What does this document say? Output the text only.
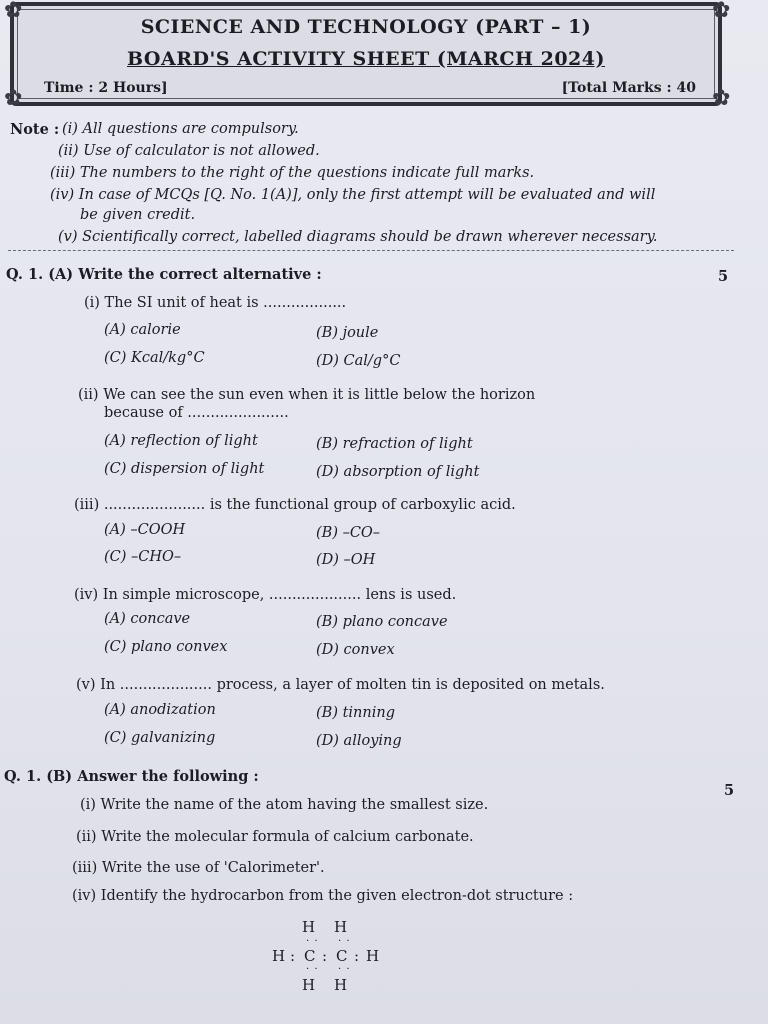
SCIENCE AND TECHNOLOGY (PART – 1)
BOARD'S ACTIVITY SHEET (MARCH 2024)
Time : 2 Hours]	[Total Marks : 40
✿	✿
✿	✿
Note : (i) All questions are compulsory.
(ii) Use of calculator is not allowed.
(iii) The numbers to the right of the questions indicate full marks.
(iv) In case of MCQs [Q. No. 1(A)], only the first attempt will be evaluated and will
be given credit.
(v) Scientifically correct, labelled diagrams should be drawn wherever necessary.
Q. 1. (A) Write the correct alternative :	5
(i) The SI unit of heat is ..................
(A) calorie	(B) joule
(C) Kcal/kg°C	(D) Cal/g°C
(ii) We can see the sun even when it is little below the horizon
because of ......................
(A) reflection of light	(B) refraction of light
(C) dispersion of light	(D) absorption of light
(iii) ...................... is the functional group of carboxylic acid.
(A) –COOH	(B) –CO–
(C) –CHO–	(D) –OH
(iv) In simple microscope, .................... lens is used.
(A) concave	(B) plano concave
(C) plano convex	(D) convex
(v) In .................... process, a layer of molten tin is deposited on metals.
(A) anodization	(B) tinning
(C) galvanizing	(D) alloying
Q. 1. (B) Answer the following :
5
(i) Write the name of the atom having the smallest size.
(ii) Write the molecular formula of calcium carbonate.
(iii) Write the use of 'Calorimeter'.
(iv) Identify the hydrocarbon from the given electron-dot structure :
H H
· · · ·
H : C : C : H
· · · ·
H H
